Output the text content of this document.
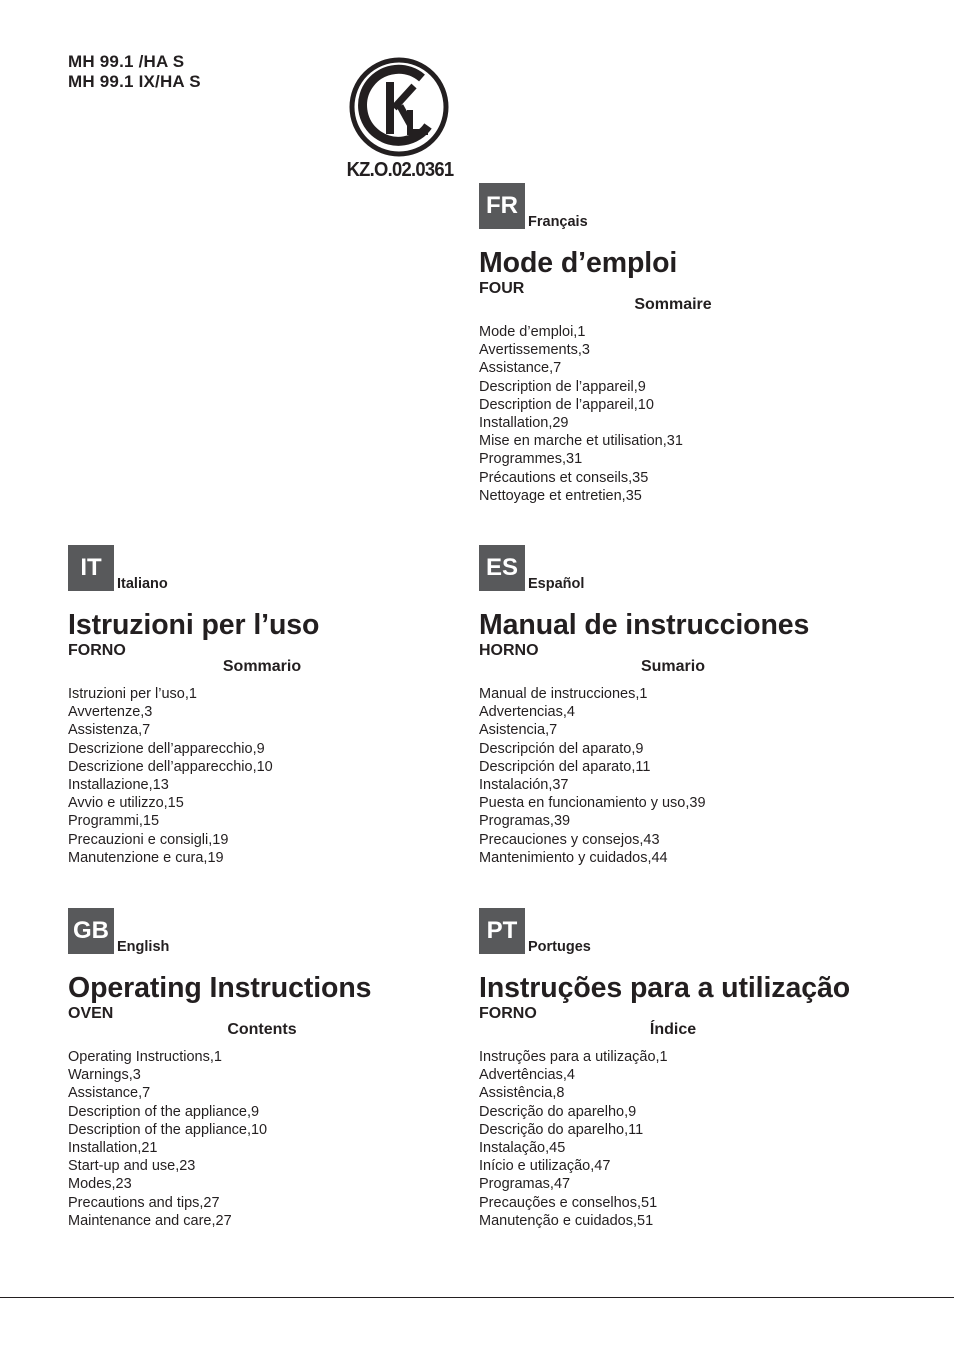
MH 99.1 /HA S
MH 99.1 IX/HA S
KZ.O.02.0361
FR
Français
Mode d’emploi
FOUR
Sommaire
Mode d’emploi,1
Avertissements,3
Assistance,7
Description de l’appareil,9
Description de l’appareil,10
Installation,29
Mise en marche et utilisation,31
Programmes,31
Précautions et conseils,35
Nettoyage et entretien,35
IT
Italiano
Istruzioni per l’uso
FORNO
Sommario
Istruzioni per l’uso,1
Avvertenze,3
Assistenza,7
Descrizione dell’apparecchio,9
Descrizione dell’apparecchio,10
Installazione,13
Avvio e utilizzo,15
Programmi,15
Precauzioni e consigli,19
Manutenzione e cura,19
ES
Español
Manual de instrucciones
HORNO
Sumario
Manual de instrucciones,1
Advertencias,4
Asistencia,7
Descripción del aparato,9
Descripción del aparato,11
Instalación,37
Puesta en funcionamiento y uso,39
Programas,39
Precauciones y consejos,43
Mantenimiento y cuidados,44
GB
English
Operating Instructions
OVEN
Contents
Operating Instructions,1
Warnings,3
Assistance,7
Description of the appliance,9
Description of the appliance,10
Installation,21
Start-up and use,23
Modes,23
Precautions and tips,27
Maintenance and care,27
PT
Portuges
Instruções para a utilização
FORNO
Índice
Instruções para a utilização,1
Advertências,4
Assistência,8
Descrição do aparelho,9
Descrição do aparelho,11
Instalação,45
Início e utilização,47
Programas,47
Precauções e conselhos,51
Manutenção e cuidados,51
